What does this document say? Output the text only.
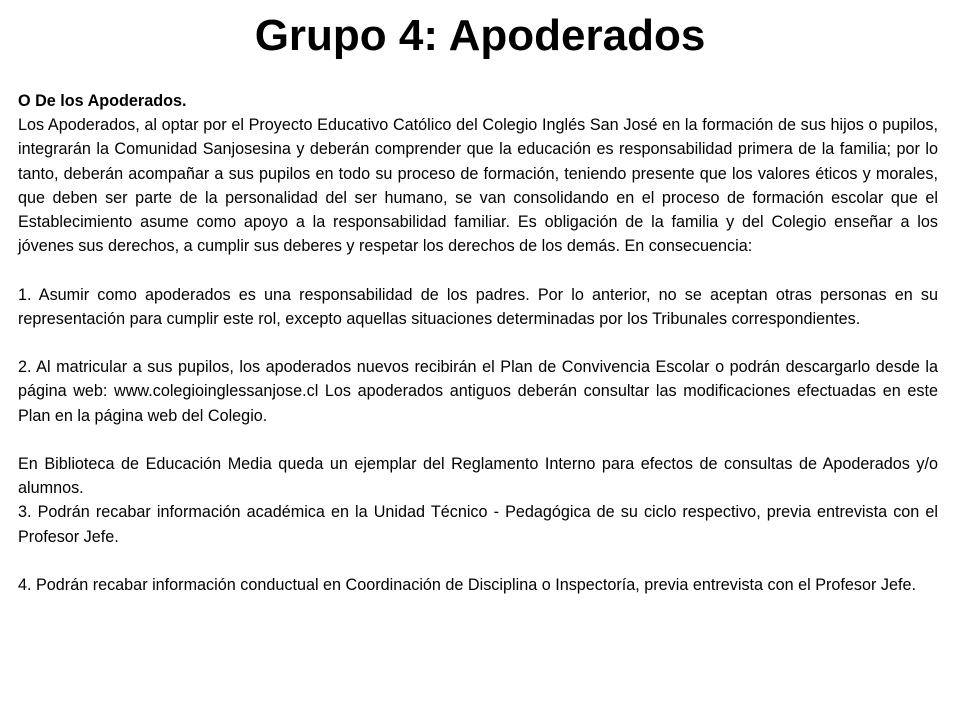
Grupo 4: Apoderados

O De los Apoderados.

Los Apoderados, al optar por el Proyecto Educativo Católico del Colegio Inglés San José en la formación de sus hijos o pupilos, integrarán la Comunidad Sanjosesina y deberán comprender que la educación es responsabilidad primera de la familia; por lo tanto, deberán acompañar a sus pupilos en todo su proceso de formación, teniendo presente que los valores éticos y morales, que deben ser parte de la personalidad del ser humano, se van consolidando en el proceso de formación escolar que el Establecimiento asume como apoyo a la responsabilidad familiar. Es obligación de la familia y del Colegio enseñar a los jóvenes sus derechos, a cumplir sus deberes y respetar los derechos de los demás. En consecuencia:

1. Asumir como apoderados es una responsabilidad de los padres. Por lo anterior, no se aceptan otras personas en su representación para cumplir este rol, excepto aquellas situaciones determinadas por los Tribunales correspondientes.

2. Al matricular a sus pupilos, los apoderados nuevos recibirán el Plan de Convivencia Escolar o podrán descargarlo desde la página web: www.colegioinglessanjose.cl Los apoderados antiguos deberán consultar las modificaciones efectuadas en este Plan en la página web del Colegio.

En Biblioteca de Educación Media queda un ejemplar del Reglamento Interno para efectos de consultas de Apoderados y/o alumnos.

3. Podrán recabar información académica en la Unidad Técnico - Pedagógica de su ciclo respectivo, previa entrevista con el Profesor Jefe.

4. Podrán recabar información conductual en Coordinación de Disciplina o Inspectoría, previa entrevista con el Profesor Jefe.
